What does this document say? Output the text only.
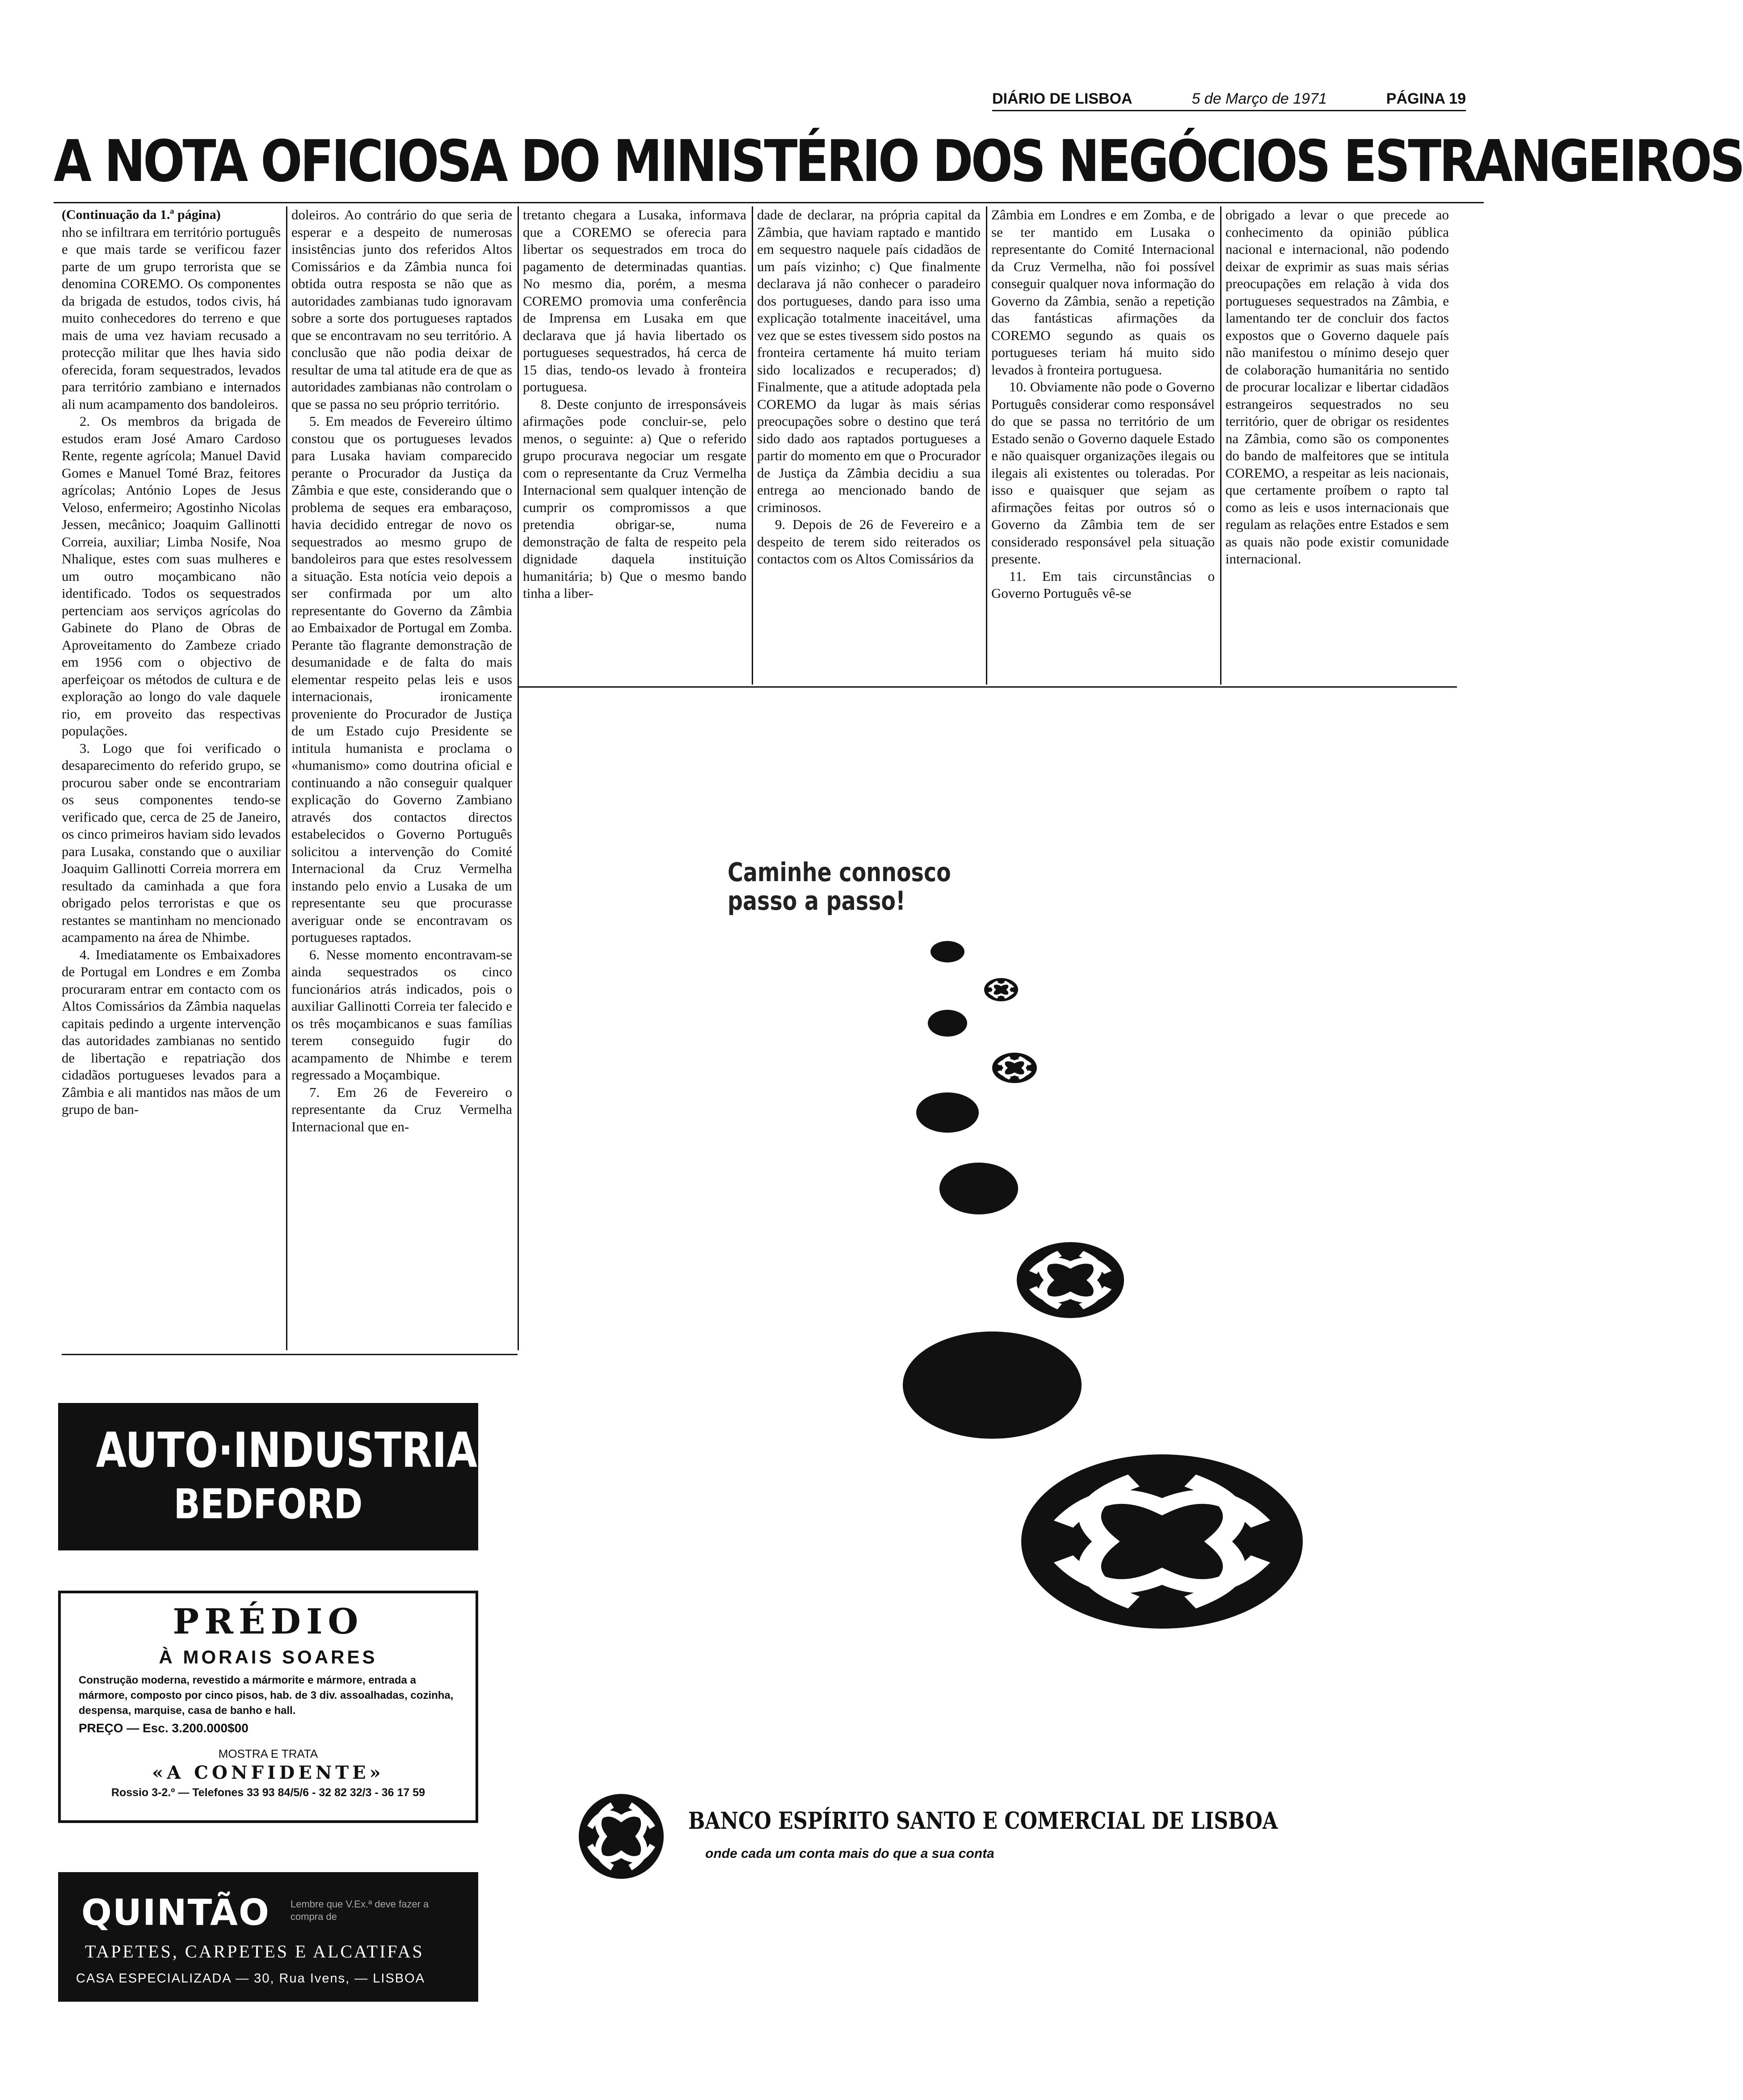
DIÁRIO DE LISBOA	5 de Março de 1971	PÁGINA 19
A NOTA OFICIOSA DO MINISTÉRIO DOS NEGÓCIOS ESTRANGEIROS

(Continuação da 1.ª página)

nho se infiltrara em território português e que mais tarde se verificou fazer parte de um grupo terrorista que se denomina COREMO. Os componentes da brigada de estudos, todos civis, há muito conhecedores do terreno e que mais de uma vez haviam recusado a protecção militar que lhes havia sido oferecida, foram sequestrados, levados para território zambiano e internados ali num acampamento dos bandoleiros.

2. Os membros da brigada de estudos eram José Amaro Cardoso Rente, regente agrícola; Manuel David Gomes e Manuel Tomé Braz, feitores agrícolas; António Lopes de Jesus Veloso, enfermeiro; Agostinho Nicolas Jessen, mecânico; Joaquim Gallinotti Correia, auxiliar; Limba Nosife, Noa Nhalique, estes com suas mulheres e um outro moçambicano não identificado. Todos os sequestrados pertenciam aos serviços agrícolas do Gabinete do Plano de Obras de Aproveitamento do Zambeze criado em 1956 com o objectivo de aperfeiçoar os métodos de cultura e de exploração ao longo do vale daquele rio, em proveito das respectivas populações.

3. Logo que foi verificado o desaparecimento do referido grupo, se procurou saber onde se encontrariam os seus componentes tendo-se verificado que, cerca de 25 de Janeiro, os cinco primeiros haviam sido levados para Lusaka, constando que o auxiliar Joaquim Gallinotti Correia morrera em resultado da caminhada a que fora obrigado pelos terroristas e que os restantes se mantinham no mencionado acampamento na área de Nhimbe.

4. Imediatamente os Embaixadores de Portugal em Londres e em Zomba procuraram entrar em contacto com os Altos Comissários da Zâmbia naquelas capitais pedindo a urgente intervenção das autoridades zambianas no sentido de libertação e repatriação dos cidadãos portugueses levados para a Zâmbia e ali mantidos nas mãos de um grupo de ban-

doleiros. Ao contrário do que seria de esperar e a despeito de numerosas insistências junto dos referidos Altos Comissários e da Zâmbia nunca foi obtida outra resposta se não que as autoridades zambianas tudo ignoravam sobre a sorte dos portugueses raptados que se encontravam no seu território. A conclusão que não podia deixar de resultar de uma tal atitude era de que as autoridades zambianas não controlam o que se passa no seu próprio território.

5. Em meados de Fevereiro último constou que os portugueses levados para Lusaka haviam comparecido perante o Procurador da Justiça da Zâmbia e que este, considerando que o problema de seques era embaraçoso, havia decidido entregar de novo os sequestrados ao mesmo grupo de bandoleiros para que estes resolvessem a situação. Esta notícia veio depois a ser confirmada por um alto representante do Governo da Zâmbia ao Embaixador de Portugal em Zomba. Perante tão flagrante demonstração de desumanidade e de falta do mais elementar respeito pelas leis e usos internacionais, ironicamente proveniente do Procurador de Justiça de um Estado cujo Presidente se intitula humanista e proclama o «humanismo» como doutrina oficial e continuando a não conseguir qualquer explicação do Governo Zambiano através dos contactos directos estabelecidos o Governo Português solicitou a intervenção do Comité Internacional da Cruz Vermelha instando pelo envio a Lusaka de um representante seu que procurasse averiguar onde se encontravam os portugueses raptados.

6. Nesse momento encontravam-se ainda sequestrados os cinco funcionários atrás indicados, pois o auxiliar Gallinotti Correia ter falecido e os três moçambicanos e suas famílias terem conseguido fugir do acampamento de Nhimbe e terem regressado a Moçambique.

7. Em 26 de Fevereiro o representante da Cruz Vermelha Internacional que en-

tretanto chegara a Lusaka, informava que a COREMO se oferecia para libertar os sequestrados em troca do pagamento de determinadas quantias. No mesmo dia, porém, a mesma COREMO promovia uma conferência de Imprensa em Lusaka em que declarava que já havia libertado os portugueses sequestrados, há cerca de 15 dias, tendo-os levado à fronteira portuguesa.

8. Deste conjunto de irresponsáveis afirmações pode concluir-se, pelo menos, o seguinte: a) Que o referido grupo procurava negociar um resgate com o representante da Cruz Vermelha Internacional sem qualquer intenção de cumprir os compromissos a que pretendia obrigar-se, numa demonstração de falta de respeito pela dignidade daquela instituição humanitária; b) Que o mesmo bando tinha a liber-

dade de declarar, na própria capital da Zâmbia, que haviam raptado e mantido em sequestro naquele país cidadãos de um país vizinho; c) Que finalmente declarava já não conhecer o paradeiro dos portugueses, dando para isso uma explicação totalmente inaceitável, uma vez que se estes tivessem sido postos na fronteira certamente há muito teriam sido localizados e recuperados; d) Finalmente, que a atitude adoptada pela COREMO da lugar às mais sérias preocupações sobre o destino que terá sido dado aos raptados portugueses a partir do momento em que o Procurador de Justiça da Zâmbia decidiu a sua entrega ao mencionado bando de criminosos.

9. Depois de 26 de Fevereiro e a despeito de terem sido reiterados os contactos com os Altos Comissários da

Zâmbia em Londres e em Zomba, e de se ter mantido em Lusaka o representante do Comité Internacional da Cruz Vermelha, não foi possível conseguir qualquer nova informação do Governo da Zâmbia, senão a repetição das fantásticas afirmações da COREMO segundo as quais os portugueses teriam há muito sido levados à fronteira portuguesa.

10. Obviamente não pode o Governo Português considerar como responsável do que se passa no território de um Estado senão o Governo daquele Estado e não quaisquer organizações ilegais ou ilegais ali existentes ou toleradas. Por isso e quaisquer que sejam as afirmações feitas por outros só o Governo da Zâmbia tem de ser considerado responsável pela situação presente.

11. Em tais circunstâncias o Governo Português vê-se

obrigado a levar o que precede ao conhecimento da opinião pública nacional e internacional, não podendo deixar de exprimir as suas mais sérias preocupações em relação à vida dos portugueses sequestrados na Zâmbia, e lamentando ter de concluir dos factos expostos que o Governo daquele país não manifestou o mínimo desejo quer de colaboração humanitária no sentido de procurar localizar e libertar cidadãos estrangeiros sequestrados no seu território, quer de obrigar os residentes na Zâmbia, como são os componentes do bando de malfeitores que se intitula COREMO, a respeitar as leis nacionais, que certamente proíbem o rapto tal como as leis e usos internacionais que regulam as relações entre Estados e sem as quais não pode existir comunidade internacional.

AUTO·INDUSTRIAL
BEDFORD
PRÉDIO
À MORAIS SOARES
Construção moderna, revestido a mármorite e mármore, entrada a mármore, composto por cinco pisos, hab. de 3 div. assoalhadas, cozinha, despensa, marquise, casa de banho e hall.
PREÇO — Esc. 3.200.000$00
MOSTRA E TRATA
«A CONFIDENTE»
Rossio 3-2.º — Telefones 33 93 84/5/6 - 32 82 32/3 - 36 17 59
QUINTÃO Lembre que V.Ex.ª deve fazer a compra de
TAPETES, CARPETES E ALCATIFAS
CASA ESPECIALIZADA — 30, Rua Ivens, — LISBOA
Caminhe connosco
passo a passo!
BANCO ESPÍRITO SANTO E COMERCIAL DE LISBOA
onde cada um conta mais do que a sua conta
